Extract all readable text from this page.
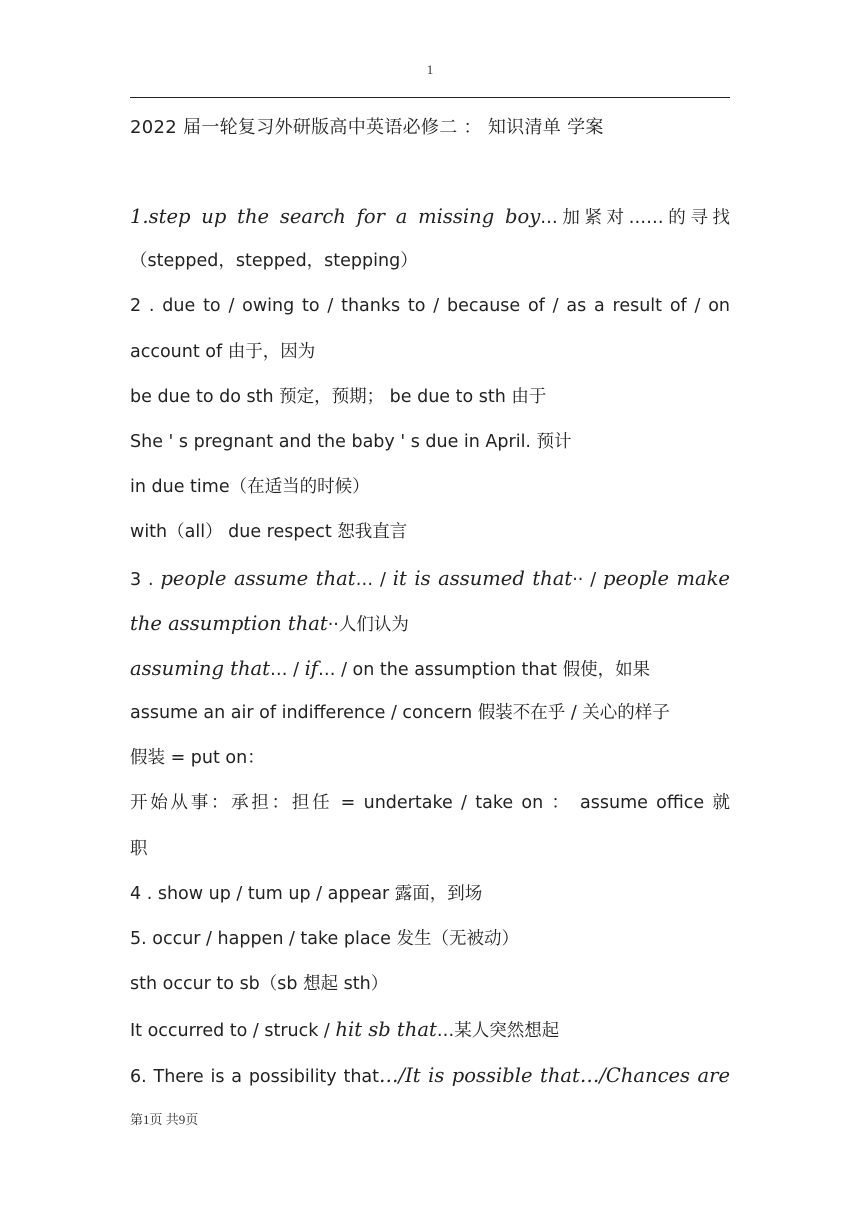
1
2022 届一轮复习外研版高中英语必修二 ： 知识清单 学案
1.step up the search for a missing boy…加紧对……的寻找
（stepped，stepped，stepping）
2 . due to / owing to / thanks to / because of / as a result of / on
account of 由于，因为
be due to do sth 预定，预期； be due to sth 由于
She ' s pregnant and the baby ' s due in April. 预计
in due time（在适当的时候）
with（all） due respect 恕我直言
3 . people assume that… / it is assumed that·· / people make
the assumption that··人们认为
assuming that… / if… / on the assumption that 假使，如果
assume an air of indifference / concern 假装不在乎 / 关心的样子
假装 = put on：
开始从事：承担：担任 = undertake / take on ： assume office 就
职
4 . show up / tum up / appear 露面，到场
5. occur / happen / take place 发生（无被动）
sth occur to sb（sb 想起 sth）
It occurred to / struck / hit sb that…某人突然想起
6. There is a possibility that…/It is possible that…/Chances are
第1页 共9页
